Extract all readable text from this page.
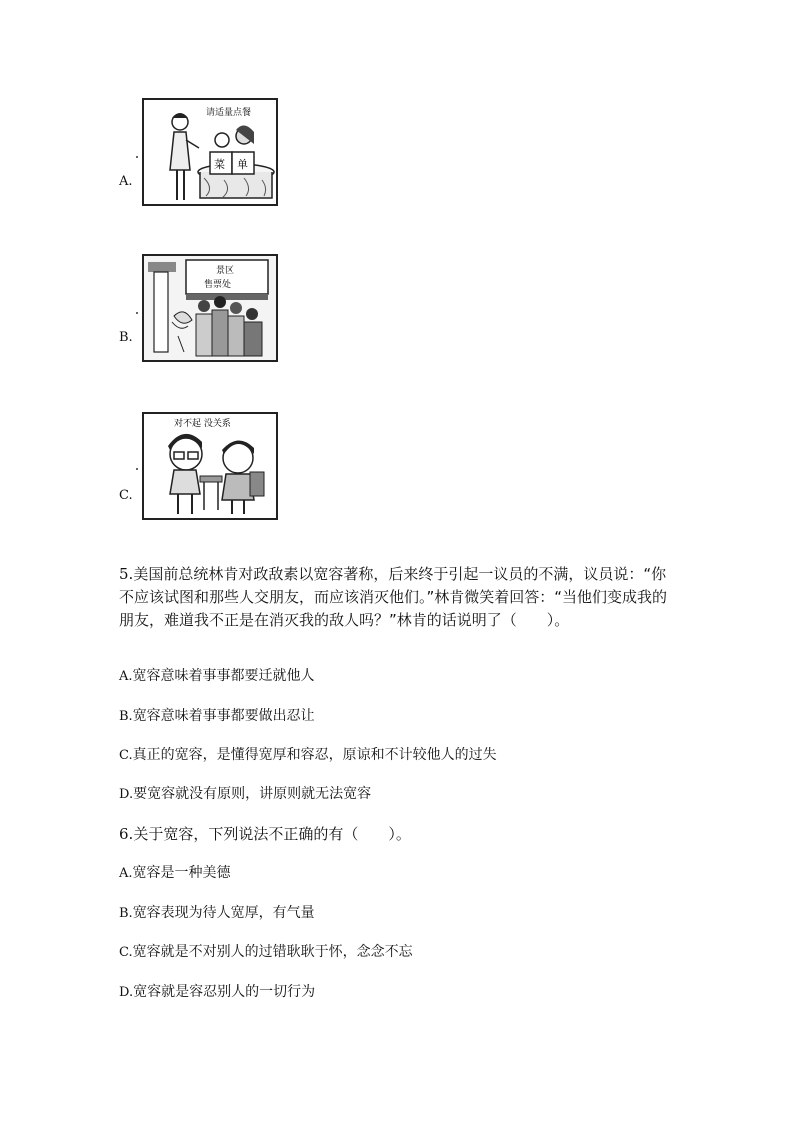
A.
请适量点餐
菜 单
B.
景区
售票处
C.
对不起 没关系
5.美国前总统林肯对政敌素以宽容著称，后来终于引起一议员的不满，议员说：“你不应该试图和那些人交朋友，而应该消灭他们。”林肯微笑着回答：“当他们变成我的朋友，难道我不正是在消灭我的敌人吗？”林肯的话说明了（　　）。
A.宽容意味着事事都要迁就他人
B.宽容意味着事事都要做出忍让
C.真正的宽容，是懂得宽厚和容忍，原谅和不计较他人的过失
D.要宽容就没有原则，讲原则就无法宽容
6.关于宽容，下列说法不正确的有（　　）。
A.宽容是一种美德
B.宽容表现为待人宽厚，有气量
C.宽容就是不对别人的过错耿耿于怀，念念不忘
D.宽容就是容忍别人的一切行为
